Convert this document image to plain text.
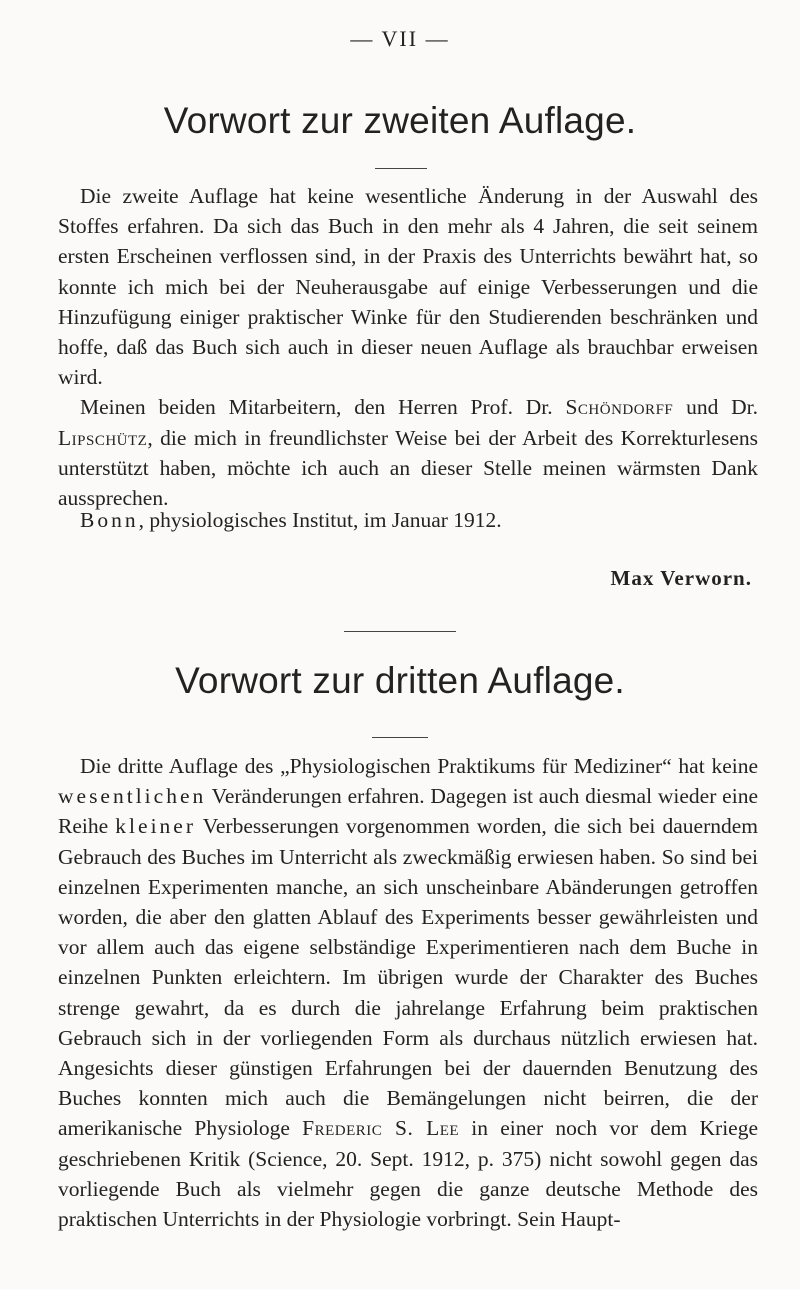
— VII —
Vorwort zur zweiten Auflage.

Die zweite Auflage hat keine wesentliche Änderung in der Auswahl des Stoffes erfahren. Da sich das Buch in den mehr als 4 Jahren, die seit seinem ersten Erscheinen verflossen sind, in der Praxis des Unterrichts bewährt hat, so konnte ich mich bei der Neuherausgabe auf einige Verbesserungen und die Hinzufügung einiger praktischer Winke für den Studierenden beschränken und hoffe, daß das Buch sich auch in dieser neuen Auflage als brauchbar erweisen wird.

Meinen beiden Mitarbeitern, den Herren Prof. Dr. Schöndorff und Dr. Lipschütz, die mich in freundlichster Weise bei der Arbeit des Korrekturlesens unterstützt haben, möchte ich auch an dieser Stelle meinen wärmsten Dank aussprechen.

Bonn, physiologisches Institut, im Januar 1912.
Max Verworn.
Vorwort zur dritten Auflage.

Die dritte Auflage des „Physiologischen Praktikums für Mediziner“ hat keine wesentlichen Veränderungen erfahren. Dagegen ist auch diesmal wieder eine Reihe kleiner Verbesserungen vorgenommen worden, die sich bei dauerndem Gebrauch des Buches im Unterricht als zweckmäßig erwiesen haben. So sind bei einzelnen Experimenten manche, an sich unscheinbare Abänderungen getroffen worden, die aber den glatten Ablauf des Experiments besser gewährleisten und vor allem auch das eigene selbständige Experimentieren nach dem Buche in einzelnen Punkten erleichtern. Im übrigen wurde der Charakter des Buches strenge gewahrt, da es durch die jahrelange Erfahrung beim praktischen Gebrauch sich in der vorliegenden Form als durchaus nützlich erwiesen hat. Angesichts dieser günstigen Erfahrungen bei der dauernden Benutzung des Buches konnten mich auch die Bemängelungen nicht beirren, die der amerikanische Physiologe Frederic S. Lee in einer noch vor dem Kriege geschriebenen Kritik (Science, 20. Sept. 1912, p. 375) nicht sowohl gegen das vorliegende Buch als vielmehr gegen die ganze deutsche Methode des praktischen Unterrichts in der Physiologie vorbringt. Sein Haupt-
